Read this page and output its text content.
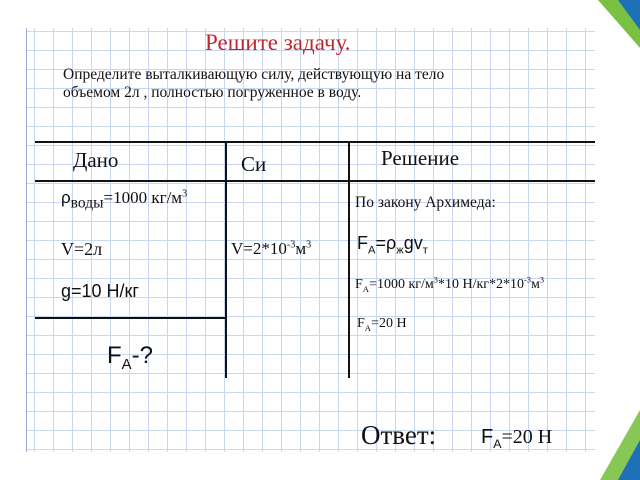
Решите задачу.
Определите выталкивающую силу, действующую на тело
объемом 2л , полностью погруженное в воду.
Дано	Си	Решение
$\rho_{воды}=1000$ $кг/м^3$
V=2л
g=10 Н/кг
$F_A-$?
$V=2*10^{-3}м^3$
По закону Архимеда:
$F_A=\rho_жgv_т$
$F_A=1000$ $кг/м^3*10$ $Н/кг*2*10^{-3}м^3$
$F_A=20$ Н
Ответ: $F_A=20$ Н
